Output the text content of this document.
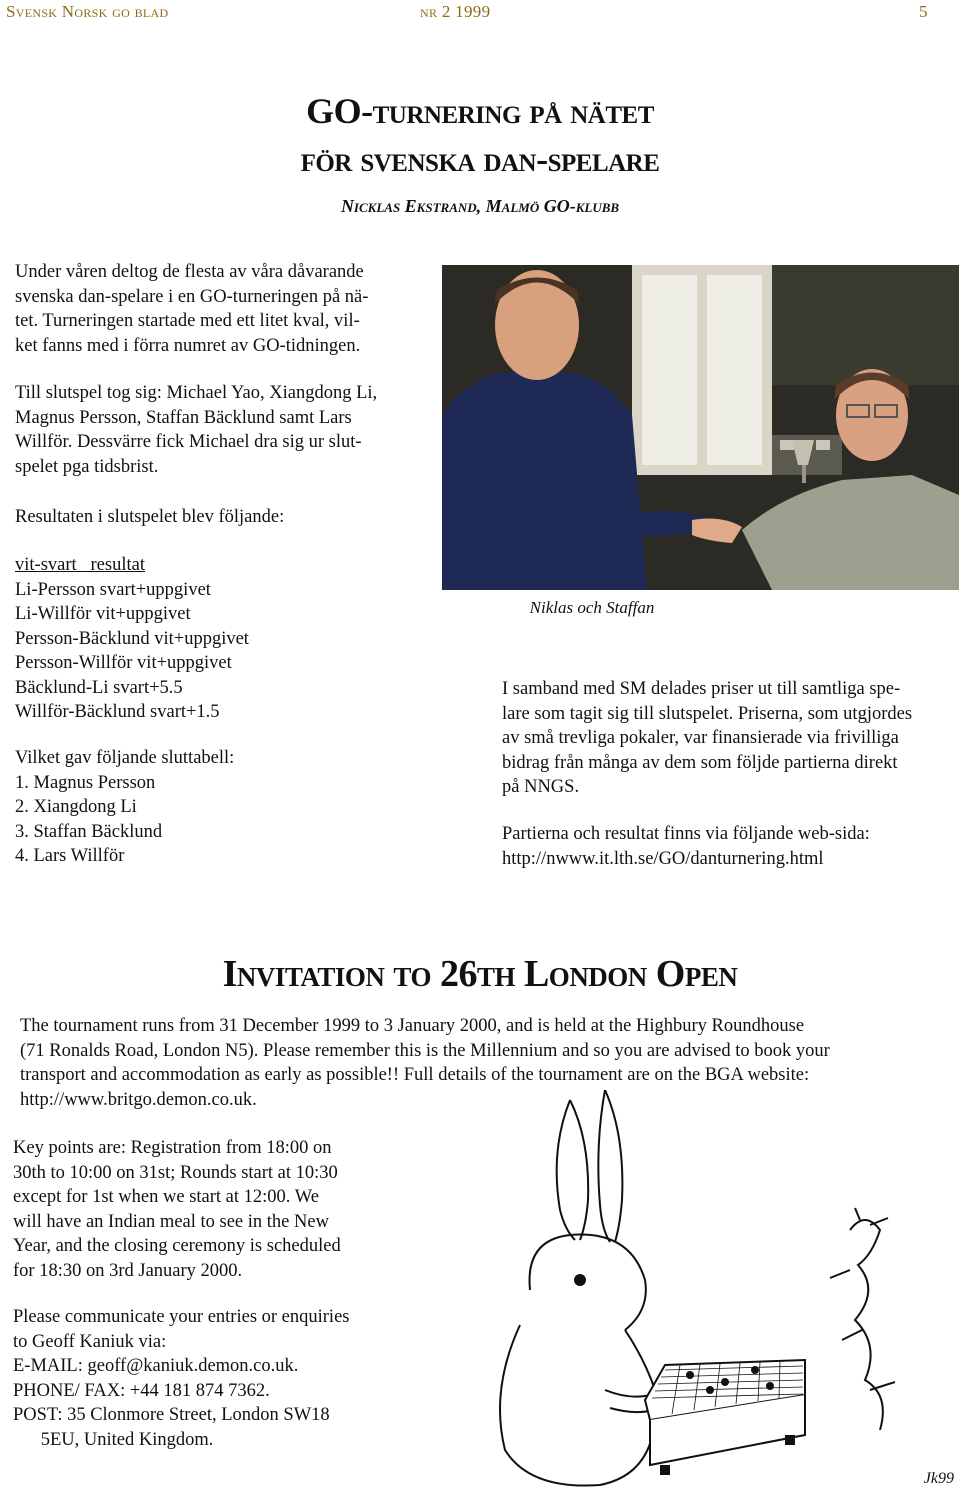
Svensk Norsk go blad	nr 2 1999	5
GO-turnering på nätet
för svenska dan-spelare
Nicklas Ekstrand, Malmö GO-klubb
Under våren deltog de flesta av våra dåvarande
svenska dan-spelare i en GO-turneringen på nä-
tet. Turneringen startade med ett litet kval, vil-
ket fanns med i förra numret av GO-tidningen.
Till slutspel tog sig: Michael Yao, Xiangdong Li,
Magnus Persson, Staffan Bäcklund samt Lars
Willför. Dessvärre fick Michael dra sig ur slut-
spelet pga tidsbrist.
Resultaten i slutspelet blev följande:
vit-svart   resultat
Li-Persson svart+uppgivet
Li-Willför vit+uppgivet
Persson-Bäcklund vit+uppgivet
Persson-Willför vit+uppgivet
Bäcklund-Li svart+5.5
Willför-Bäcklund svart+1.5
Vilket gav följande sluttabell:
1. Magnus Persson
2. Xiangdong Li
3. Staffan Bäcklund
4. Lars Willför
Niklas och Staffan
I samband med SM delades priser ut till samtliga spe-
lare som tagit sig till slutspelet. Priserna, som utgjordes
av små trevliga pokaler, var finansierade via frivilliga
bidrag från många av dem som följde partierna direkt
på NNGS.
Partierna och resultat finns via följande web-sida:
http://nwww.it.lth.se/GO/danturnering.html
Invitation to 26th London Open
The tournament runs from 31 December 1999 to 3 January 2000, and is held at the Highbury Roundhouse
(71 Ronalds Road, London N5). Please remember this is the Millennium and so you are advised to book your
transport and accommodation as early as possible!! Full details of the tournament are on the BGA website:
http://www.britgo.demon.co.uk.
Key points are: Registration from 18:00 on
30th to 10:00 on 31st; Rounds start at 10:30
except for 1st when we start at 12:00. We
will have an Indian meal to see in the New
Year, and the closing ceremony is scheduled
for 18:30 on 3rd January 2000.
Please communicate your entries or enquiries
to Geoff Kaniuk via:
E-MAIL: geoff@kaniuk.demon.co.uk.
PHONE/ FAX: +44 181 874 7362.
POST: 35 Clonmore Street, London SW18
5EU, United Kingdom.
Jk99
